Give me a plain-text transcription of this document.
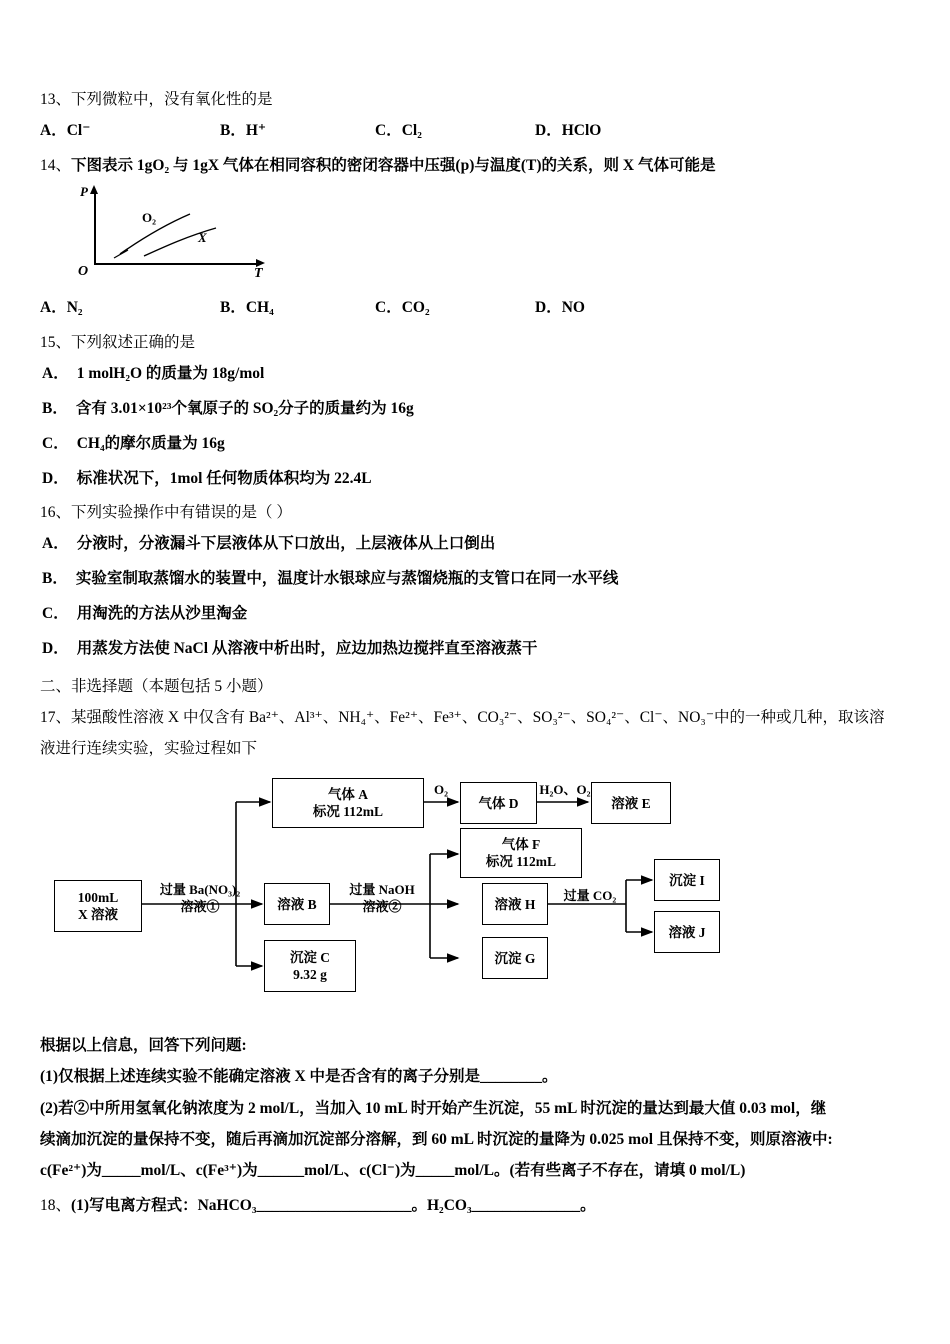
13、下列微粒中，没有氧化性的是
A．Cl⁻	B．H⁺	C．Cl₂	D．HClO
14、下图表示 1gO₂ 与 1gX 气体在相同容积的密闭容器中压强(p)与温度(T)的关系，则 X 气体可能是
P
O	T
O₂
X
A．N₂	B．CH₄	C．CO₂	D．NO
15、下列叙述正确的是
A． 1 molH₂O 的质量为 18g/mol
B． 含有 3.01×10²³个氧原子的 SO₂分子的质量约为 16g
C． CH₄的摩尔质量为 16g
D． 标准状况下，1mol 任何物质体积均为 22.4L
16、下列实验操作中有错误的是（ ）
A． 分液时，分液漏斗下层液体从下口放出，上层液体从上口倒出
B． 实验室制取蒸馏水的装置中，温度计水银球应与蒸馏烧瓶的支管口在同一水平线
C． 用淘洗的方法从沙里淘金
D． 用蒸发方法使 NaCl 从溶液中析出时，应边加热边搅拌直至溶液蒸干
二、非选择题（本题包括 5 小题）
17、某强酸性溶液 X 中仅含有 Ba²⁺、Al³⁺、NH₄⁺、Fe²⁺、Fe³⁺、CO₃²⁻、SO₃²⁻、SO₄²⁻、Cl⁻、NO₃⁻中的一种或几种，取该溶
液进行连续实验，实验过程如下
100mL
X 溶液
气体 A
标况 112mL
气体 D	溶液 E
溶液 B
沉淀 C
9.32 g
气体 F
标况 112mL
溶液 H
沉淀 G
沉淀 I
溶液 J
过量 Ba(NO₃)₂
溶液①
O₂	H₂O、O₂
过量 NaOH
溶液②
过量 CO₂
根据以上信息，回答下列问题:
(1)仅根据上述连续实验不能确定溶液 X 中是否含有的离子分别是________。
(2)若②中所用氢氧化钠浓度为 2 mol/L，当加入 10 mL 时开始产生沉淀，55 mL 时沉淀的量达到最大值 0.03 mol，继
续滴加沉淀的量保持不变，随后再滴加沉淀部分溶解，到 60 mL 时沉淀的量降为 0.025 mol 且保持不变，则原溶液中:
c(Fe²⁺)为_____mol/L、c(Fe³⁺)为______mol/L、c(Cl⁻)为_____mol/L。(若有些离子不存在，请填 0 mol/L)
18、(1)写电离方程式：NaHCO₃____________________。H₂CO₃______________。
